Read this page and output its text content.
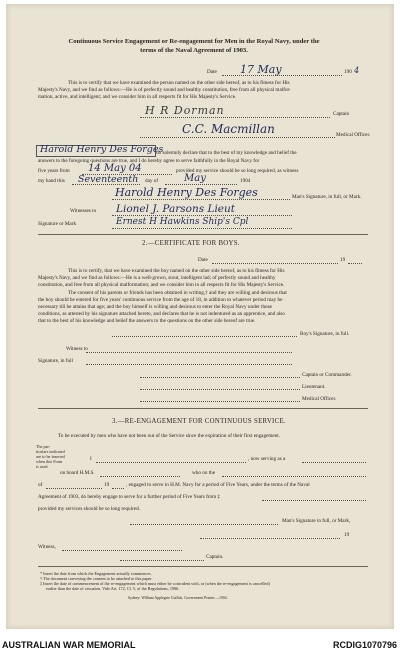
Continuous Service Engagement or Re-engagement for Men in the Royal Navy, under the
terms of the Naval Agreement of 1903.
Date 17 May	190 4
This is to certify that we have examined the person named on the other side hereof, as to his fitness for His
Majesty's Navy, and we find as follows:—He is of perfectly sound and healthy constitution, free from all physical malfor-
mation, active, and intelligent; and we consider him in all respects fit for His Majesty's Service.
H R Dorman	Captain
C.C. Macmillan	Medical Officer.
Harold Henry Des Forges
do solemnly declare that to the best of my knowledge and belief the
answers to the foregoing questions are true, and I do hereby agree to serve faithfully in the Royal Navy for
five years from 14 May 04	provided my service should be so long required, as witness
my hand this Seventeenth day of	May	1904
Harold Henry Des Forges	Man's Signature, in full, or Mark.
Witnesses to Lionel J. Parsons Lieut
Signature or Mark	Ernest H Hawkins Ship's Cpl
2.—CERTIFICATE FOR BOYS.
Date	19
This is to certify, that we have examined the boy named on the other side hereof, as to his fitness for His
Majesty's Navy, and we find as follows:—He is a well-grown, stout, intelligent lad; of perfectly sound and healthy
constitution, and free from all physical malformation; and we consider him in all respects fit for His Majesty's Service.
The consent of his parents or friends has been obtained in writing,† and they are willing and desirous that
the boy should be entered for five years' continuous service from the age of 18, in addition to whatever period may be
necessary till he attains that age; and the boy himself is willing and desirous to enter the Royal Navy under those
conditions, as attested by his signature attached hereto, and declares that he is not indentured as an apprentice, and also
that to the best of his knowledge and belief the answers to the questions on the other side hereof are true.
Boy's Signature, in full.
Witness to
Signature, in full
Captain or Commander.
Lieutenant.
Medical Officer.
3.—RE-ENGAGEMENT FOR CONTINUOUS SERVICE.
To be executed by men who have not been out of the Service since the expiration of their first engagement.
The par-
ticulars indicated
are to be inserted
when this Form
is used
I	, now serving as a
on board H.M.S.	who on the
of	19	, engaged to serve in H.M. Navy for a period of Five Years, under the terms of the Naval
Agreement of 1903, do hereby engage to serve for a further period of Five Years from ‡
provided my services should be so long required.
Man's Signature in full, or Mark,
19
Witness,
Captain.
* Insert the date from which the Engagement actually commences.
† The document conveying the consent to be attached to this paper.
‡ Insert the date of commencement of the re-engagement which must either be coincident with, or (when the re-engagement is cancelled)
earlier than the date of cessation. Vide Art. 172, Cl. 5, of the Regulations, 1906.
Sydney: William Applegate Gullick, Government Printer.—1904.
AUSTRALIAN WAR MEMORIAL	RCDIG1070796
